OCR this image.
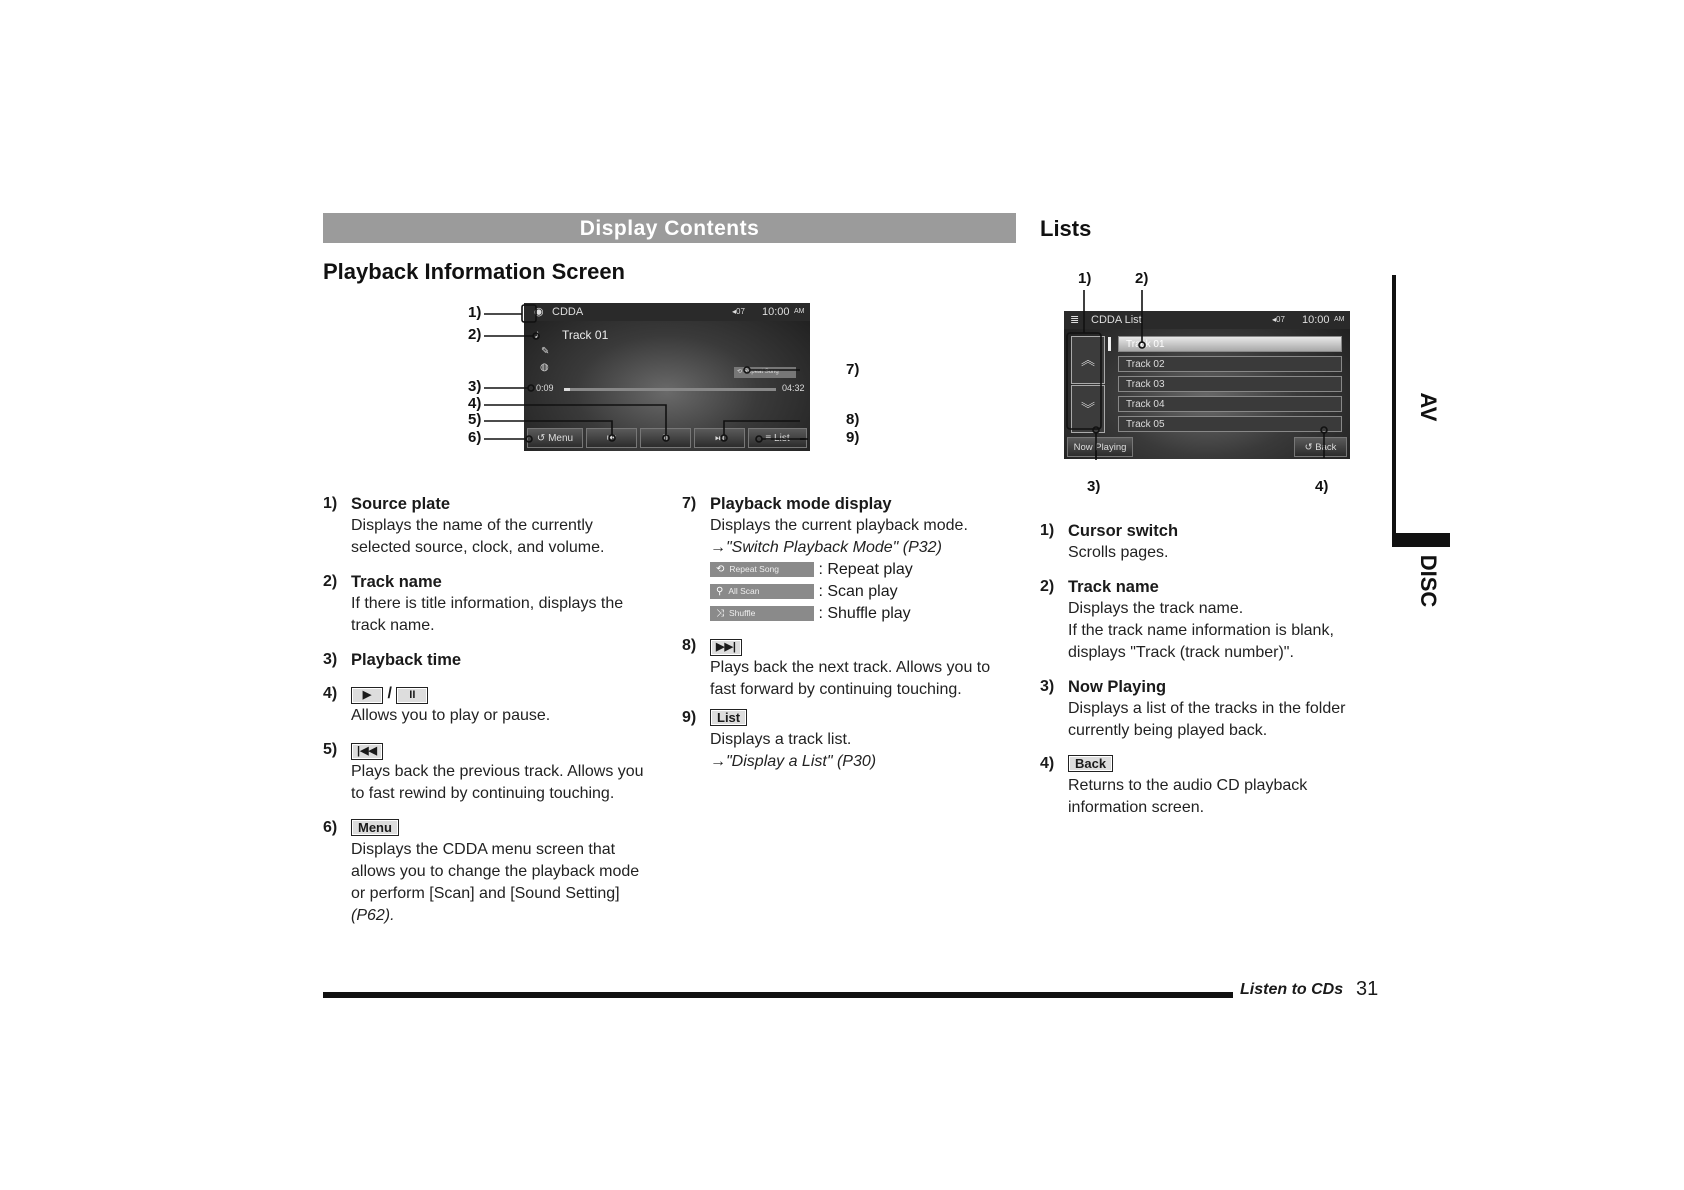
Display Contents
Playback Information Screen
◉ CDDA	◂07 10:00 AM
♪ Track 01
✎
◍	⟲ Repeat Song
0:09	04:32
↺ Menu	⏮	II	⏭	≡ List
1)
2)
3)
4)
5)
6)
7)
8)
9)
1) Source plate
Displays the name of the currently
selected source, clock, and volume.
2) Track name
If there is title information, displays the
track name.
3) Playback time
4)	▶ / II
Allows you to play or pause.
5)	|◀◀
Plays back the previous track. Allows you
to fast rewind by continuing touching.
6)	Menu
Displays the CDDA menu screen that
allows you to change the playback mode
or perform [Scan] and [Sound Setting]
(P62).
7) Playback mode display
Displays the current playback mode.
→"Switch Playback Mode" (P32)
⟲ Repeat Song : Repeat play
⚲ All Scan	: Scan play
⤨ Shuffle	: Shuffle play
8)	▶▶|
Plays back the next track. Allows you to
fast forward by continuing touching.
9)	List
Displays a track list.
→"Display a List" (P30)
Lists
≣ CDDA List	◂07 10:00 AM
︽
︾
Track 01
Track 02
Track 03
Track 04
Track 05
Now Playing	↺ Back
1)	2)
3)	4)
1) Cursor switch
Scrolls pages.
2) Track name
Displays the track name.
If the track name information is blank,
displays "Track (track number)".
3) Now Playing
Displays a list of the tracks in the folder
currently being played back.
4)	Back
Returns to the audio CD playback
information screen.
AV
DISC
Listen to CDs 31
